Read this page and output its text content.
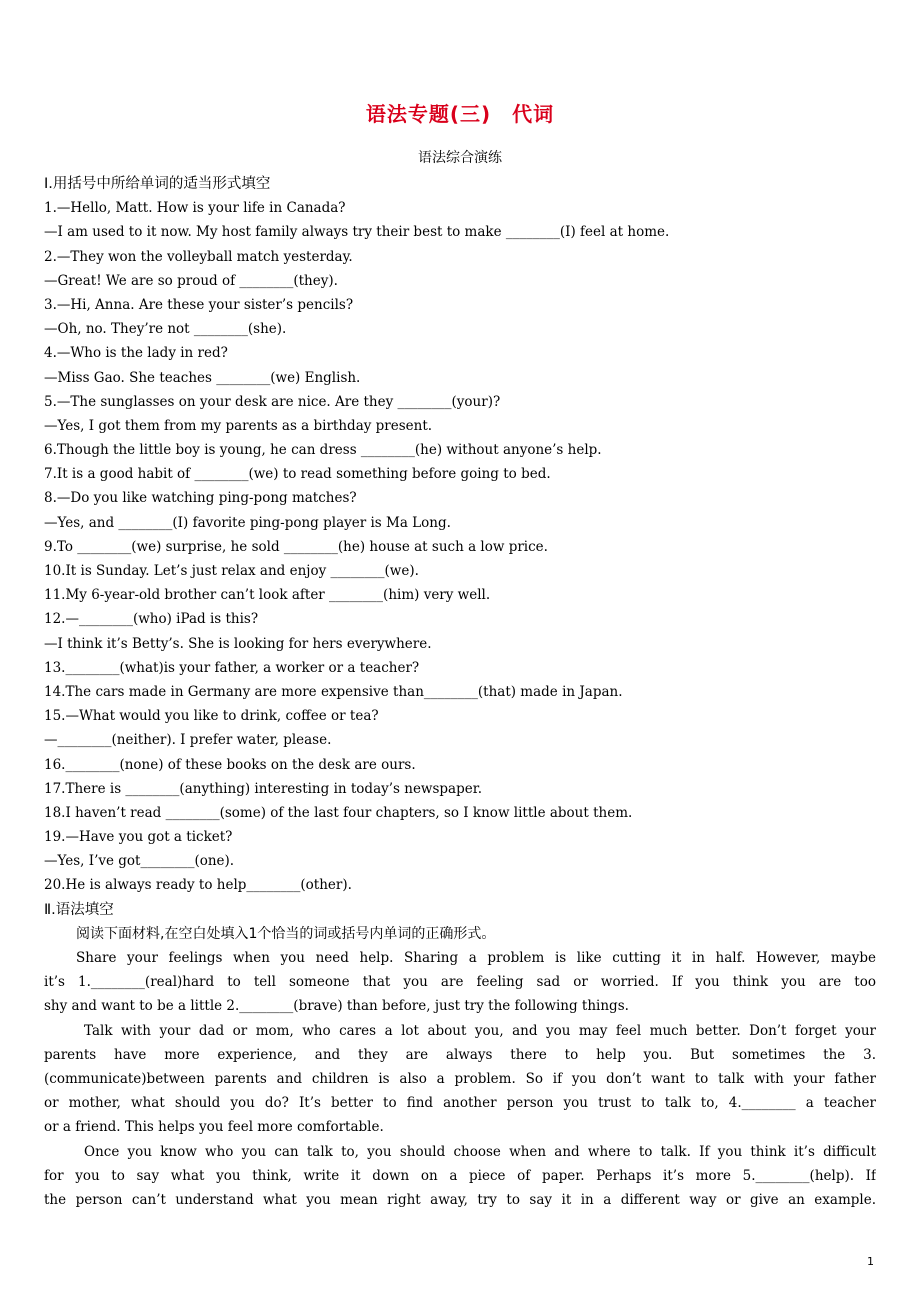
语法专题(三)　代词
语法综合演练
Ⅰ.用括号中所给单词的适当形式填空
1.—Hello, Matt. How is your life in Canada?
—I am used to it now. My host family always try their best to make ________(I) feel at home.
2.—They won the volleyball match yesterday.
—Great! We are so proud of ________(they).
3.—Hi, Anna. Are these your sister’s pencils?
—Oh, no. They’re not ________(she).
4.—Who is the lady in red?
—Miss Gao. She teaches ________(we) English.
5.—The sunglasses on your desk are nice. Are they ________(your)?
—Yes, I got them from my parents as a birthday present.
6.Though the little boy is young, he can dress ________(he) without anyone’s help.
7.It is a good habit of ________(we) to read something before going to bed.
8.—Do you like watching ping-pong matches?
—Yes, and ________(I) favorite ping-pong player is Ma Long.
9.To ________(we) surprise, he sold ________(he) house at such a low price.
10.It is Sunday. Let’s just relax and enjoy ________(we).
11.My 6-year-old brother can’t look after ________(him) very well.
12.—________(who) iPad is this?
—I think it’s Betty’s. She is looking for hers everywhere.
13.________(what)is your father, a worker or a teacher?
14.The cars made in Germany are more expensive than________(that) made in Japan.
15.—What would you like to drink, coffee or tea?
—________(neither). I prefer water, please.
16.________(none) of these books on the desk are ours.
17.There is ________(anything) interesting in today’s newspaper.
18.I haven’t read ________(some) of the last four chapters, so I know little about them.
19.—Have you got a ticket?
—Yes, I’ve got________(one).
20.He is always ready to help________(other).
Ⅱ.语法填空
阅读下面材料,在空白处填入1个恰当的词或括号内单词的正确形式。
Share your feelings when you need help. Sharing a problem is like cutting it in half. However, maybe
it’s 1.________(real)hard to tell someone that you are feeling sad or worried. If you think you are too
shy and want to be a little 2.________(brave) than before, just try the following things.
Talk with your dad or mom, who cares a lot about you, and you may feel much better. Don’t forget your
parents have more experience, and they are always there to help you. But sometimes the 3.
(communicate)between parents and children is also a problem. So if you don’t want to talk with your father
or mother, what should you do? It’s better to find another person you trust to talk to, 4.________ a teacher
or a friend. This helps you feel more comfortable.
Once you know who you can talk to, you should choose when and where to talk. If you think it’s difficult
for you to say what you think, write it down on a piece of paper. Perhaps it’s more 5.________(help). If
the person can’t understand what you mean right away, try to say it in a different way or give an example.
1
